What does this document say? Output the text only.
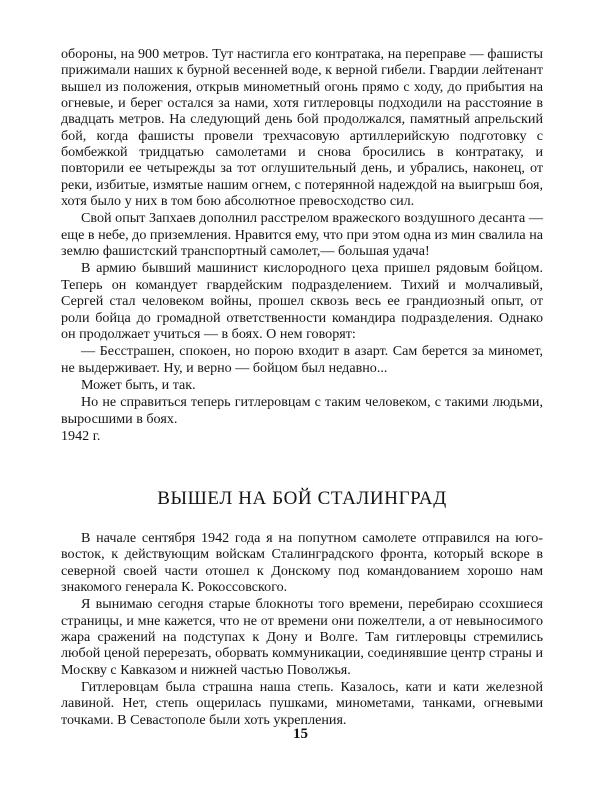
обороны, на 900 метров. Тут настигла его контратака, на переправе — фашисты прижимали наших к бурной весенней воде, к верной гибели. Гвардии лейтенант вышел из положения, открыв минометный огонь прямо с ходу, до прибытия на огневые, и берег остался за нами, хотя гитлеровцы подходили на расстояние в двадцать метров. На следующий день бой продолжался, памятный апрельский бой, когда фашисты провели трехчасовую артиллерийскую подготовку с бомбежкой тридцатью самолетами и снова бросились в контратаку, и повторили ее четырежды за тот оглушительный день, и убрались, наконец, от реки, избитые, измятые нашим огнем, с потерянной надеждой на выигрыш боя, хотя было у них в том бою абсолютное превосходство сил.

Свой опыт Запхаев дополнил расстрелом вражеского воздушного десанта — еще в небе, до приземления. Нравится ему, что при этом одна из мин свалила на землю фашистский транспортный самолет,— большая удача!

В армию бывший машинист кислородного цеха пришел рядовым бойцом. Теперь он командует гвардейским подразделением. Тихий и молчаливый, Сергей стал человеком войны, прошел сквозь весь ее грандиозный опыт, от роли бойца до громадной ответственности командира подразделения. Однако он продолжает учиться — в боях. О нем говорят:

— Бесстрашен, спокоен, но порою входит в азарт. Сам берется за миномет, не выдерживает. Ну, и верно — бойцом был недавно...

Может быть, и так.

Но не справиться теперь гитлеровцам с таким человеком, с такими людьми, выросшими в боях.

1942 г.

ВЫШЕЛ НА БОЙ СТАЛИНГРАД

В начале сентября 1942 года я на попутном самолете отправился на юго-восток, к действующим войскам Сталинградского фронта, который вскоре в северной своей части отошел к Донскому под командованием хорошо нам знакомого генерала К. Рокоссовского.

Я вынимаю сегодня старые блокноты того времени, перебираю ссохшиеся страницы, и мне кажется, что не от времени они пожелтели, а от невыносимого жара сражений на подступах к Дону и Волге. Там гитлеровцы стремились любой ценой перерезать, оборвать коммуникации, соединявшие центр страны и Москву с Кавказом и нижней частью Поволжья.

Гитлеровцам была страшна наша степь. Казалось, кати и кати железной лавиной. Нет, степь ощерилась пушками, минометами, танками, огневыми точками. В Севастополе были хоть укрепления.

15
